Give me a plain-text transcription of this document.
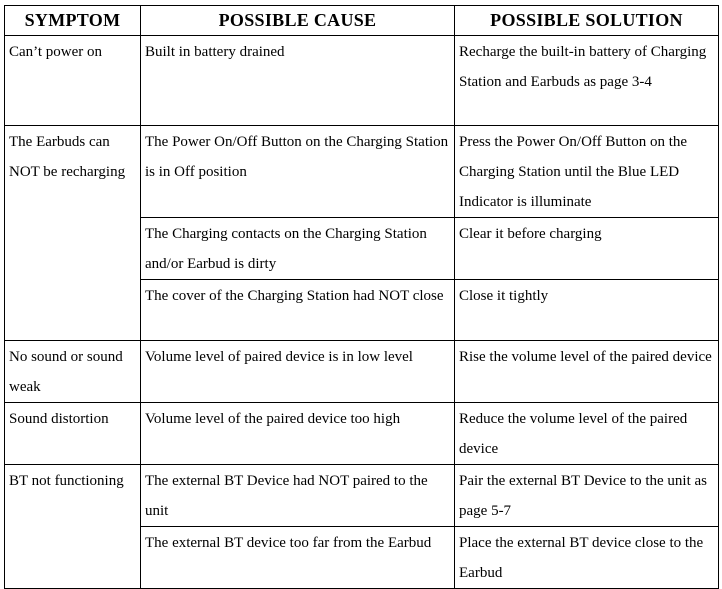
SYMPTOM	POSSIBLE CAUSE	POSSIBLE SOLUTION
Can’t power on	Built in battery drained	Recharge the built-in battery of Charging Station and Earbuds as page 3-4
The Earbuds can NOT be recharging	The Power On/Off Button on the Charging Station is in Off position	Press the Power On/Off Button on the Charging Station until the Blue LED Indicator is illuminate
	The Charging contacts on the Charging Station and/or Earbud is dirty	Clear it before charging
	The cover of the Charging Station had NOT close	Close it tightly
No sound or sound weak	Volume level of paired device is in low level	Rise the volume level of the paired device
Sound distortion	Volume level of the paired device too high	Reduce the volume level of the paired device
BT not functioning	The external BT Device had NOT paired to the unit	Pair the external BT Device to the unit as page 5-7
	The external BT device too far from the Earbud	Place the external BT device close to the Earbud
